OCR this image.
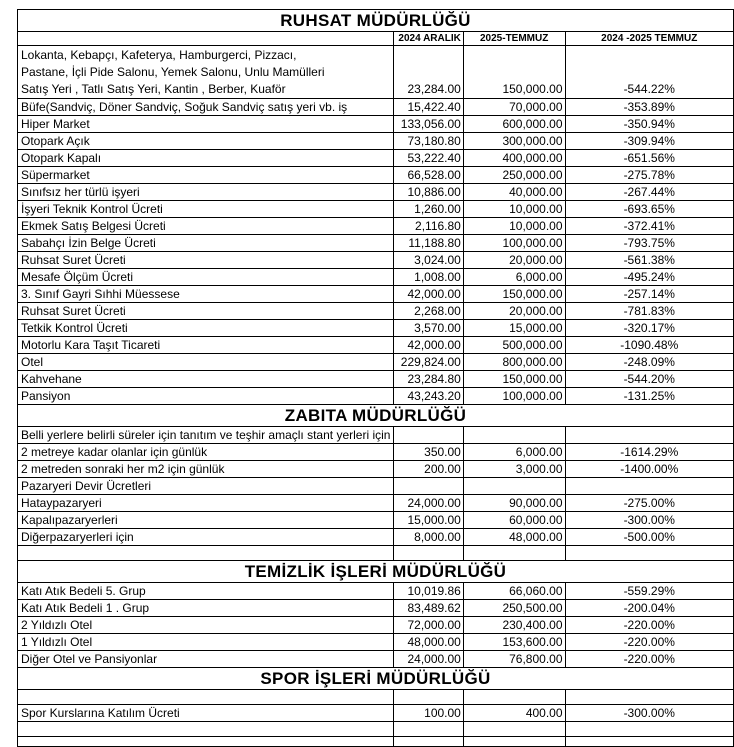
RUHSAT MÜDÜRLÜĞÜ			
	2024 ARALIK	2025-TEMMUZ	2024 -2025 TEMMUZ

Lokanta, Kebapçı, Kafeterya, Hamburgerci, Pizzacı,
Pastane, İçli Pide Salonu, Yemek Salonu, Unlu Mamülleri
Satış Yeri , Tatlı Satış Yeri, Kantin , Berber, Kuaför	23,284.00	150,000.00	-544.22%
Büfe(Sandviç, Döner Sandviç, Soğuk Sandviç satış yeri vb. iş	15,422.40	70,000.00	-353.89%
Hiper Market	133,056.00	600,000.00	-350.94%
Otopark Açık	73,180.80	300,000.00	-309.94%
Otopark Kapalı	53,222.40	400,000.00	-651.56%
Süpermarket	66,528.00	250,000.00	-275.78%
Sınıfsız her türlü işyeri	10,886.00	40,000.00	-267.44%
İşyeri Teknik Kontrol Ücreti	1,260.00	10,000.00	-693.65%
Ekmek Satış Belgesi Ücreti	2,116.80	10,000.00	-372.41%
Sabahçı İzin Belge Ücreti	11,188.80	100,000.00	-793.75%
Ruhsat Suret Ücreti	3,024.00	20,000.00	-561.38%
Mesafe Ölçüm Ücreti	1,008.00	6,000.00	-495.24%
3. Sınıf Gayri Sıhhi Müessese	42,000.00	150,000.00	-257.14%
Ruhsat Suret Ücreti	2,268.00	20,000.00	-781.83%
Tetkik Kontrol Ücreti	3,570.00	15,000.00	-320.17%
Motorlu Kara Taşıt Ticareti	42,000.00	500,000.00	-1090.48%
Otel	229,824.00	800,000.00	-248.09%
Kahvehane	23,284.80	150,000.00	-544.20%
Pansiyon	43,243.20	100,000.00	-131.25%
ZABITA MÜDÜRLÜĞÜ			
Belli yerlere belirli süreler için tanıtım ve teşhir amaçlı stant yerleri için			
2 metreye kadar olanlar için günlük	350.00	6,000.00	-1614.29%
2 metreden sonraki her m2 için günlük	200.00	3,000.00	-1400.00%
Pazaryeri Devir Ücretleri			
Hataypazaryeri	24,000.00	90,000.00	-275.00%
Kapalıpazaryerleri	15,000.00	60,000.00	-300.00%
Diğerpazaryerleri için	8,000.00	48,000.00	-500.00%

TEMİZLİK İŞLERİ MÜDÜRLÜĞÜ			
Katı Atık Bedeli 5. Grup	10,019.86	66,060.00	-559.29%
Katı Atık Bedeli 1 . Grup	83,489.62	250,500.00	-200.04%
2 Yıldızlı Otel	72,000.00	230,400.00	-220.00%
1 Yıldızlı Otel	48,000.00	153,600.00	-220.00%
Diğer Otel ve Pansiyonlar	24,000.00	76,800.00	-220.00%
SPOR İŞLERİ MÜDÜRLÜĞÜ			

Spor Kurslarına Katılım Ücreti	100.00	400.00	-300.00%
